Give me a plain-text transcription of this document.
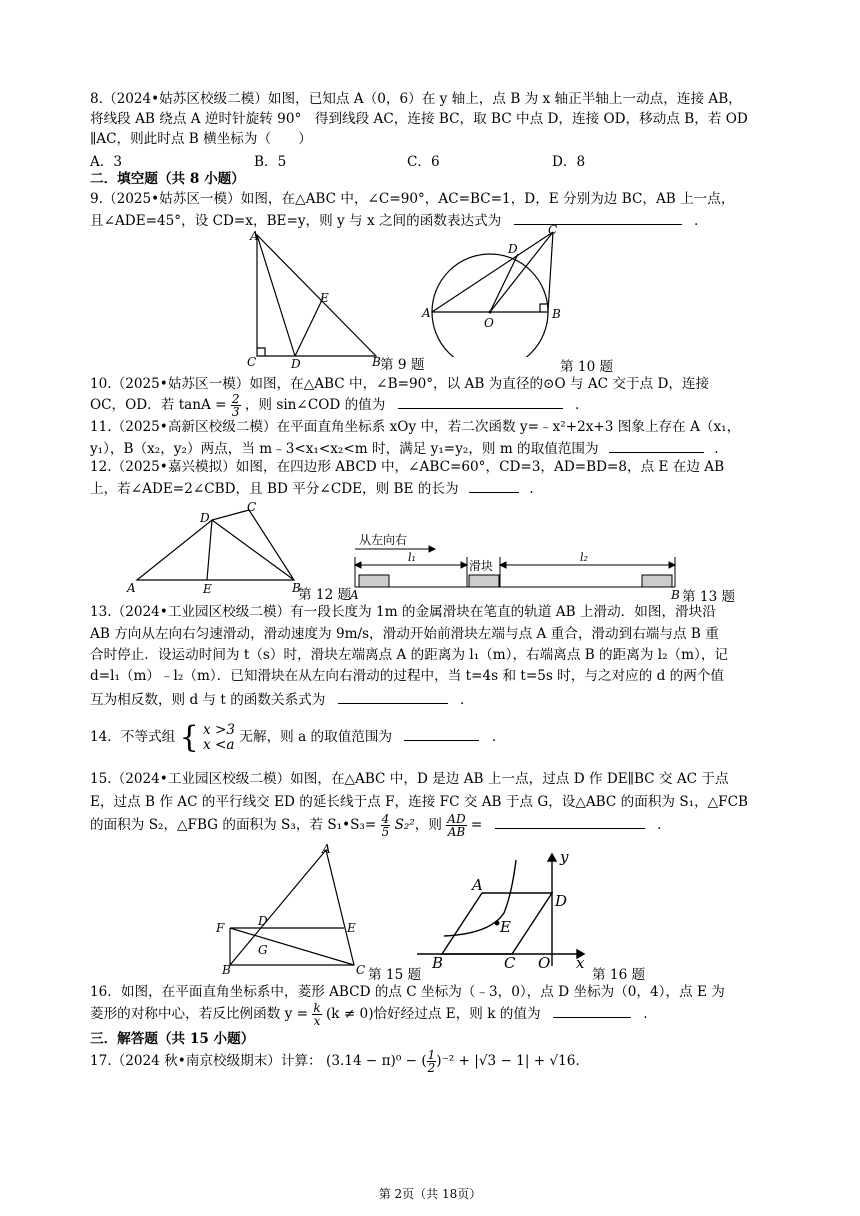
8.（2024•姑苏区校级二模）如图，已知点 A（0，6）在 y 轴上，点 B 为 x 轴正半轴上一动点，连接 AB，
将线段 AB 绕点 A 逆时针旋转 90°　得到线段 AC，连接 BC，取 BC 中点 D，连接 OD，移动点 B，若 OD
∥AC，则此时点 B 横坐标为（　　）
A．3	B．5	C．6	D．8
二．填空题（共 8 小题）
9.（2025•姑苏区一模）如图，在△ABC 中，∠C=90°，AC=BC=1，D，E 分别为边 BC，AB 上一点，
且∠ADE=45°，设 CD=x，BE=y，则 y 与 x 之间的函数表达式为	.
A
C	D
E
B 第 9 题
A
O
D
C
B
第 10 题
10.（2025•姑苏区一模）如图，在△ABC 中，∠B=90°，以 AB 为直径的⊙O 与 AC 交于点 D，连接
OC，OD．若 $\tan A = \frac{2}{3}$ ，则 sin∠COD 的值为	.
11.（2025•高新区校级二模）在平面直角坐标系 xOy 中，若二次函数 y=﹣x²+2x+3 图象上存在 A（x₁，
y₁），B（x₂，y₂）两点，当 m﹣3<x₁<x₂<m 时，满足 y₁=y₂，则 m 的取值范围为	.
12.（2025•嘉兴模拟）如图，在四边形 ABCD 中，∠ABC=60°，CD=3，AD=BD=8，点 E 在边 AB
上，若∠ADE=2∠CBD，且 BD 平分∠CDE，则 BE 的长为	.
D
C
A	E	B
第 12 题
从左向右
滑块
A	B
l₁	l₂
第 13 题
13.（2024•工业园区校级二模）有一段长度为 1m 的金属滑块在笔直的轨道 AB 上滑动．如图，滑块沿
AB 方向从左向右匀速滑动，滑动速度为 9m/s，滑动开始前滑块左端与点 A 重合，滑动到右端与点 B 重
合时停止．设运动时间为 t（s）时，滑块左端离点 A 的距离为 l₁（m），右端离点 B 的距离为 l₂（m），记
d=l₁（m）﹣l₂（m）．已知滑块在从左向右滑动的过程中，当 t=4s 和 t=5s 时，与之对应的 d 的两个值
互为相反数，则 d 与 t 的函数关系式为	.
14．不等式组 { x >3
x <a 无解，则 a 的取值范围为	.
15.（2024•工业园区校级二模）如图，在△ABC 中，D 是边 AB 上一点，过点 D 作 DE∥BC 交 AC 于点
E，过点 B 作 AC 的平行线交 ED 的延长线于点 F，连接 FC 交 AB 于点 G，设△ABC 的面积为 S₁，△FCB
的面积为 S₂，△FBG 的面积为 S₃，若 S₁•S₃= $\frac{4}{5} S_2^2$，则 $\frac{AD}{AB}$ =	.
A
F	D	E
G
B	C 第 15 题
y
A
D
E
B	C O x
第 16 题
16．如图，在平面直角坐标系中，菱形 ABCD 的点 C 坐标为（﹣3，0），点 D 坐标为（0，4），点 E 为
菱形的对称中心，若反比例函数 $y = \frac{k}{x} (k \ne 0)$恰好经过点 E，则 k 的值为	.
三．解答题（共 15 小题）
17.（2024 秋•南京校级期末）计算： (3.14 − π)⁰ − ( $\frac{1}{2} )^{-2} + |√3 - 1| + √16$.
第 2页（共 18页）
